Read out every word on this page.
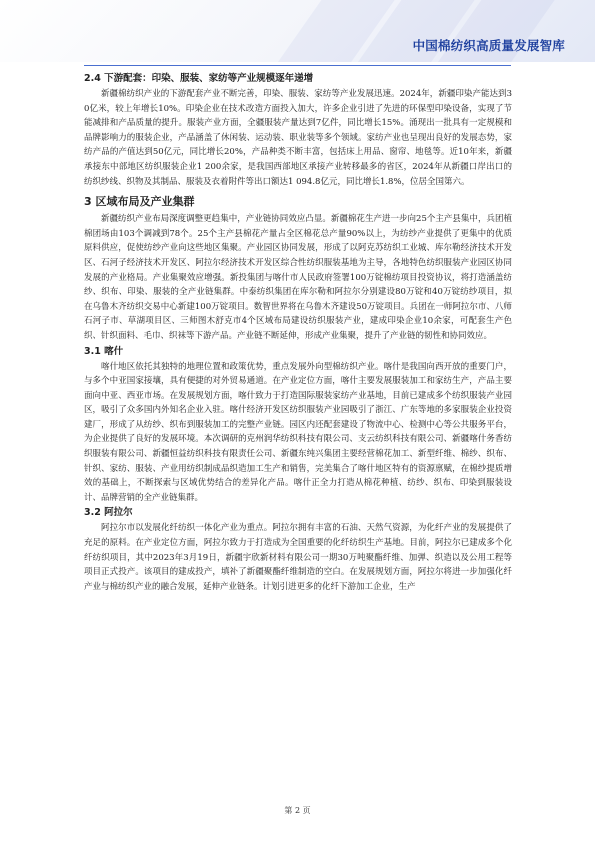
中国棉纺织高质量发展智库
2.4 下游配套：印染、服装、家纺等产业规模逐年递增

新疆棉纺织产业的下游配套产业不断完善，印染、服装、家纺等产业发展迅速。2024年，新疆印染产能达到30亿米，较上年增长10%。印染企业在技术改造方面投入加大，许多企业引进了先进的环保型印染设备，实现了节能减排和产品质量的提升。服装产业方面，全疆服装产量达到7亿件，同比增长15%。涌现出一批具有一定规模和品牌影响力的服装企业，产品涵盖了休闲装、运动装、职业装等多个领域。家纺产业也呈现出良好的发展态势，家纺产品的产值达到50亿元，同比增长20%，产品种类不断丰富，包括床上用品、窗帘、地毯等。近10年来，新疆承接东中部地区纺织服装企业1 200余家，是我国西部地区承接产业转移最多的省区，2024年从新疆口岸出口的纺织纱线、织物及其制品、服装及衣着附件等出口额达1 094.8亿元，同比增长1.8%，位居全国第六。

3 区域布局及产业集群

新疆纺织产业布局深度调整更趋集中，产业链协同效应凸显。新疆棉花生产进一步向25个主产县集中，兵团植棉团场由103个调减到78个。25个主产县棉花产量占全区棉花总产量90%以上，为纺纱产业提供了更集中的优质原料供应，促使纺纱产业向这些地区集聚。产业园区协同发展，形成了以阿克苏纺织工业城、库尔勒经济技术开发区、石河子经济技术开发区、阿拉尔经济技术开发区综合性纺织服装基地为主导，各地特色纺织服装产业园区协同发展的产业格局。产业集聚效应增强。新投集团与喀什市人民政府签署100万锭棉纺项目投资协议，将打造涵盖纺纱、织布、印染、服装的全产业链集群。中泰纺织集团在库尔勒和阿拉尔分别建设80万锭和40万锭纺纱项目，拟在乌鲁木齐纺织交易中心新建100万锭项目。数智世界将在乌鲁木齐建设50万锭项目。兵团在一师阿拉尔市、八师石河子市、草湖项目区、三师图木舒克市4个区域布局建设纺织服装产业，建成印染企业10余家，可配套生产色织、针织面料、毛巾、织袜等下游产品。产业链不断延伸，形成产业集聚，提升了产业链的韧性和协同效应。

3.1 喀什

喀什地区依托其独特的地理位置和政策优势，重点发展外向型棉纺织产业。喀什是我国向西开放的重要门户，与多个中亚国家接壤，具有便捷的对外贸易通道。在产业定位方面，喀什主要发展服装加工和家纺生产，产品主要面向中亚、西亚市场。在发展规划方面，喀什致力于打造国际服装家纺产业基地，目前已建成多个纺织服装产业园区，吸引了众多国内外知名企业入驻。喀什经济开发区纺织服装产业园吸引了浙江、广东等地的多家服装企业投资建厂，形成了从纺纱、织布到服装加工的完整产业链。园区内还配套建设了物流中心、检测中心等公共服务平台，为企业提供了良好的发展环境。本次调研的克州润华纺织科技有限公司、支云纺织科技有限公司、新疆喀什务香纺织服装有限公司、新疆恒益纺织科技有限责任公司、新疆东纯兴集团主要经营棉花加工、新型纤维、棉纱、织布、针织、家纺、服装、产业用纺织制成品织造加工生产和销售，完美集合了喀什地区特有的资源禀赋，在棉纱提质增效的基础上，不断探索与区域优势结合的差异化产品。喀什正全力打造从棉花种植、纺纱、织布、印染到服装设计、品牌营销的全产业链集群。

3.2 阿拉尔

阿拉尔市以发展化纤纺织一体化产业为重点。阿拉尔拥有丰富的石油、天然气资源，为化纤产业的发展提供了充足的原料。在产业定位方面，阿拉尔致力于打造成为全国重要的化纤纺织生产基地。目前，阿拉尔已建成多个化纤纺织项目，其中2023年3月19日，新疆宇欣新材料有限公司一期30万吨聚酯纤维、加弹、织造以及公用工程等项目正式投产。该项目的建成投产，填补了新疆聚酯纤维制造的空白。在发展规划方面，阿拉尔将进一步加强化纤产业与棉纺织产业的融合发展，延伸产业链条。计划引进更多的化纤下游加工企业，生产

第 2 页
